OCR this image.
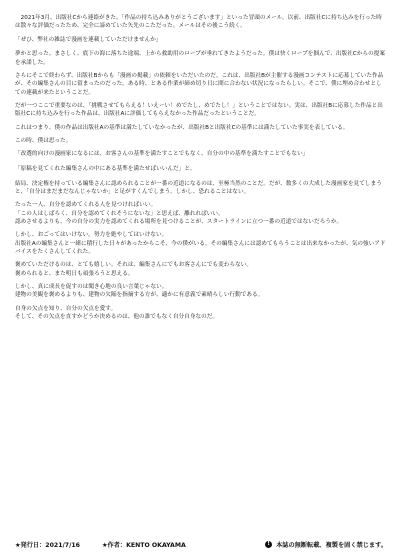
　2021年3月、出版社Cから連絡がきた。「作品の持ち込みありがとうございます」といった冒頭のメール。以前、出版社Cに持ち込みを行った時は散々な評価だったため、完全に諦めていた矢先のこただった。メールはその後こう続く。

「ぜひ、弊社の雑誌で漫画を連載していただけませんか」

夢かと思った。まさしく、底下の海に落ちた途端、上から救助用のロープが垂れてきたようだった。僕は快くロープを掴んで、出版社Cからの提案を承諾した。

さらにそこで終わらず、出版社Bからも「漫画の掲載」の依頼をいただいたのだ。これは、出版社Bが主催する漫画コンテストに応募していた作品が、その編集さんの目に留まったのだった。ある時、とある作業が締め切り日に間に合わない状況になったらしい。そこで、僕に埋め合わせとしての連載が来たということだ。

だが一つここで重要なのは、「挑戦させてもらえる！いえーい！めでたし、めでたし！」ということではない。実は、出版社Bに応募した作品と出版社Cに持ち込みを行った作品は、出版社Aに評価してもらえなかった作品だったということだ。

これはつまり、僕の作品は出版社Aの基準は満たしていなかったが、出版社Bと出版社Cの基準には満たしていた事実を表している。

この時、僕は思った。

「改選的向けの漫画家になるには、お客さんの基準を満たすことでもなく、自分の中の基準を満たすことでもない」

「原稿を見てくれた編集さんの中にある基準を満たせばいいんだ」と。

結局、決定権を持っている編集さんに認められることが一番の近道になるのは、至極当然のことだ。だが、数多くの大成した漫画家を見てしまうと、「自分はまだまだなんじゃないか」と足がすくんでしまう。しかし、恐れることはない。

たった一人、自分を認めてくれる人を見つければいい。
「この人はしばらく、自分を認めてくれそうにないな」と思えば、離れればいい。
認めさせるよりも、今の自分の実力を認めてくれる場所を見つけることが、スタートラインに立つ一番の近道ではないだろうか。

しかし、おごってはいけない。努力を絶やしてはいけない。
出版社Aの編集さんと一緒に積行した日々があったからこそ、今の僕がいる。その編集さんには認めてもらうことは出来なかったが、気の強いアドバイスをたくさんしてくれた。

褒めていただけるのは、とても嬉しい。それは、編集さんにでもお客さんにでも変わらない。
褒められると、また明日も頑張ろうと思える。

しかし、真に成長を促すのは聞き心地の良い言葉じゃない。
建物の美観を褒めるよりも、建物の欠陥を指摘する方が、適かに有意義で素晴らしい行動である。

自身の欠点を知り、自分の欠点を愛す。
そして、その欠点を直すかどうか決めるのは、他の誰でもなく自分自身なのだ。

★発行日：2021/7/16	★作者：KENTO OKAYAMA	!	本誌の無断転載、複製を固く禁じます。
